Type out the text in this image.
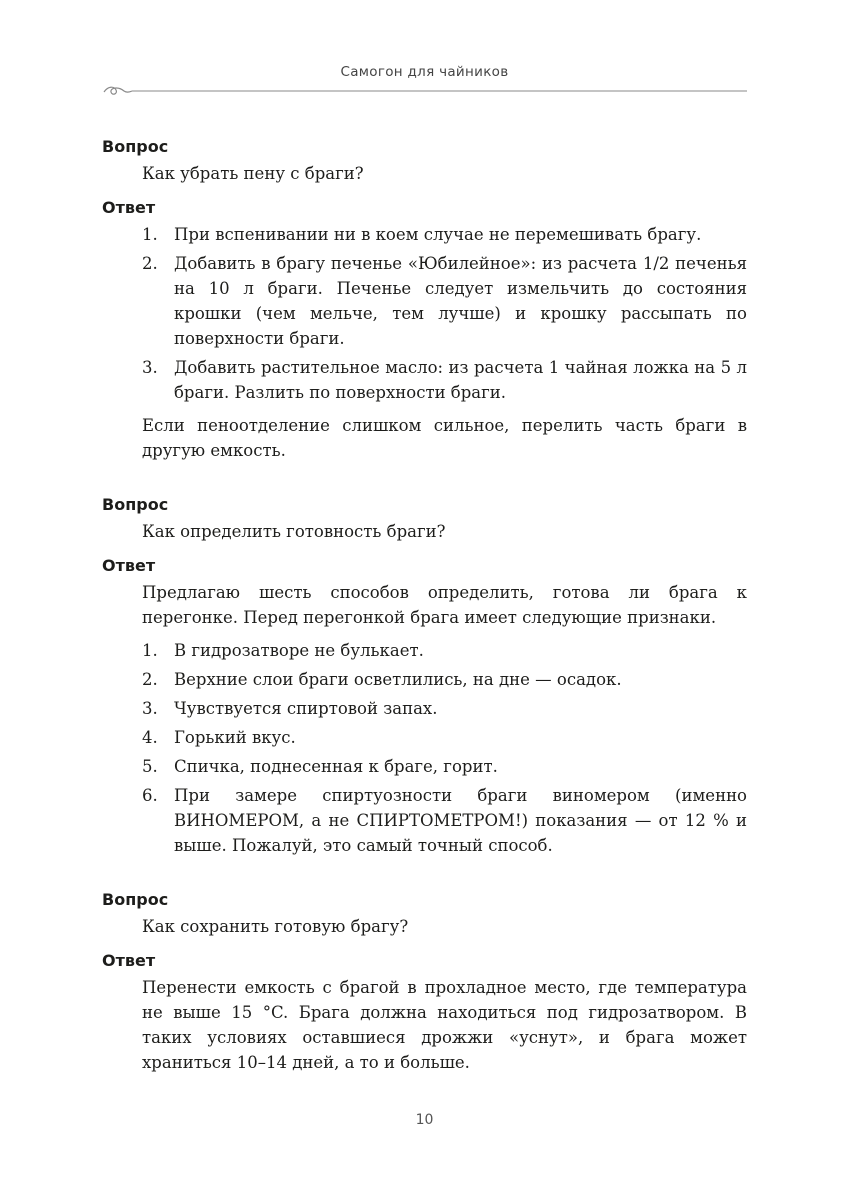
Самогон для чайников

Вопрос

Как убрать пену с браги?

Ответ

1. При вспенивании ни в коем случае не перемешивать брагу.
2. Добавить в брагу печенье «Юбилейное»: из расчета 1/2 печенья на 10 л браги. Печенье следует измельчить до состояния крошки (чем мельче, тем лучше) и крошку рассыпать по поверхности браги.
3. Добавить растительное масло: из расчета 1 чайная ложка на 5 л браги. Разлить по поверхности браги.

Если пеноотделение слишком сильное, перелить часть браги в другую емкость.

Вопрос

Как определить готовность браги?

Ответ

Предлагаю шесть способов определить, готова ли брага к перегонке. Перед перегонкой брага имеет следующие признаки.

1. В гидрозатворе не булькает.
2. Верхние слои браги осветлились, на дне — осадок.
3. Чувствуется спиртовой запах.
4. Горький вкус.
5. Спичка, поднесенная к браге, горит.
6. При замере спиртуозности браги виномером (именно ВИНОМЕРОМ, а не СПИРТОМЕТРОМ!) показания — от 12 % и выше. Пожалуй, это самый точный способ.

Вопрос

Как сохранить готовую брагу?

Ответ

Перенести емкость с брагой в прохладное место, где температура не выше 15 °C. Брага должна находиться под гидрозатвором. В таких условиях оставшиеся дрожжи «уснут», и брага может храниться 10–14 дней, а то и больше.

10
